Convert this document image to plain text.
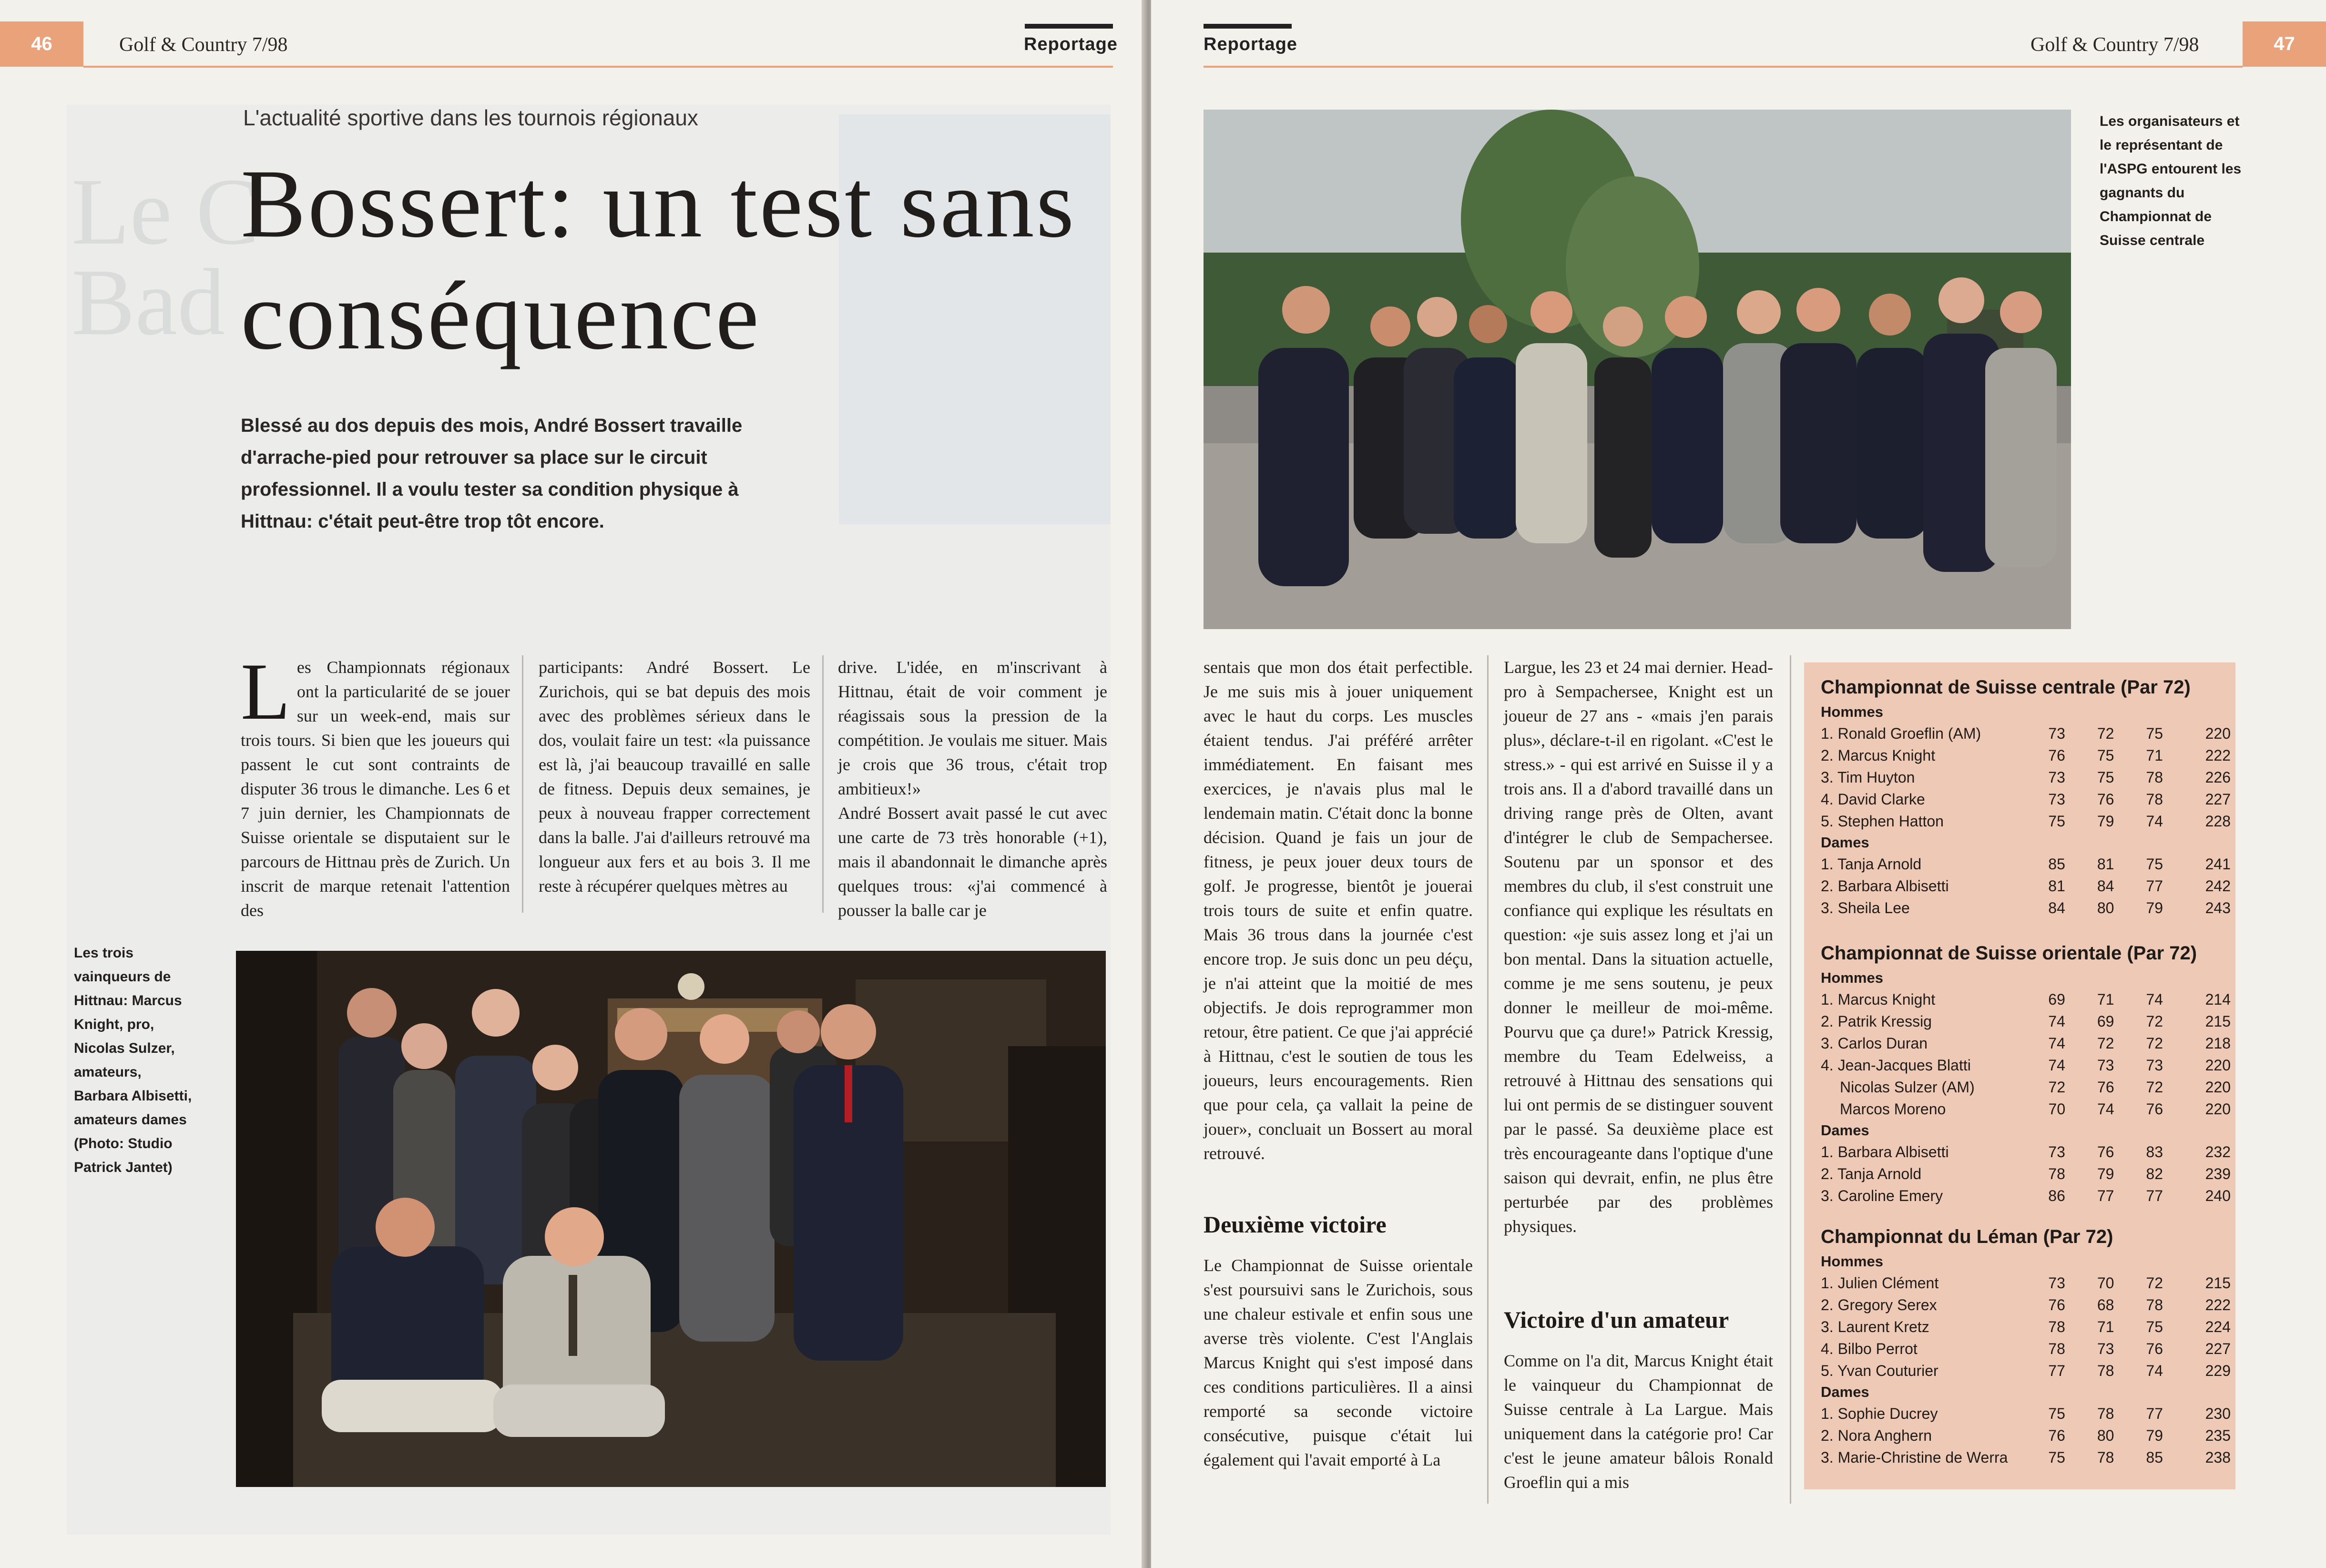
Le C
Bad
46	Golf & Country 7/98	Reportage
L'actualité sportive dans les tournois régionaux
Bossert: un test sans conséquence
Blessé au dos depuis des mois, André Bossert travaille d'arrache-pied pour retrouver sa place sur le circuit professionnel. Il a voulu tester sa condition physique à Hittnau: c'était peut-être trop tôt encore.
Les Championnats régionaux ont la particularité de se jouer sur un week-end, mais sur trois tours. Si bien que les joueurs qui passent le cut sont contraints de disputer 36 trous le dimanche. Les 6 et 7 juin dernier, les Championnats de Suisse orientale se disputaient sur le parcours de Hittnau près de Zurich. Un inscrit de marque retenait l'attention des
participants: André Bossert. Le Zurichois, qui se bat depuis des mois avec des problèmes sérieux dans le dos, voulait faire un test: «la puissance est là, j'ai beaucoup travaillé en salle de fitness. Depuis deux semaines, je peux à nouveau frapper correctement dans la balle. J'ai d'ailleurs retrouvé ma longueur aux fers et au bois 3. Il me reste à récupérer quelques mètres au

drive. L'idée, en m'inscrivant à Hittnau, était de voir comment je réagissais sous la pression de la compétition. Je voulais me situer. Mais je crois que 36 trous, c'était trop ambitieux!»

André Bossert avait passé le cut avec une carte de 73 très honorable (+1), mais il abandonnait le dimanche après quelques trous: «j'ai commencé à pousser la balle car je

Les trois vainqueurs de Hittnau: Marcus Knight, pro, Nicolas Sulzer, amateurs, Barbara Albisetti, amateurs dames (Photo: Studio Patrick Jantet)
47
Reportage	Golf & Country 7/98
Les organisateurs et le représentant de l'ASPG entourent les gagnants du Championnat de Suisse centrale

sentais que mon dos était perfectible. Je me suis mis à jouer uniquement avec le haut du corps. Les muscles étaient tendus. J'ai préféré arrêter immédiatement. En faisant mes exercices, je n'avais plus mal le lendemain matin. C'était donc la bonne décision. Quand je fais un jour de fitness, je peux jouer deux tours de golf. Je progresse, bientôt je jouerai trois tours de suite et enfin quatre. Mais 36 trous dans la journée c'est encore trop. Je suis donc un peu déçu, je n'ai atteint que la moitié de mes objectifs. Je dois reprogrammer mon retour, être patient. Ce que j'ai apprécié à Hittnau, c'est le soutien de tous les joueurs, leurs encouragements. Rien que pour cela, ça vallait la peine de jouer», concluait un Bossert au moral retrouvé.

Deuxième victoire
Le Championnat de Suisse orientale s'est poursuivi sans le Zurichois, sous une chaleur estivale et enfin sous une averse très violente. C'est l'Anglais Marcus Knight qui s'est imposé dans ces conditions particulières. Il a ainsi remporté sa seconde victoire consécutive, puisque c'était lui également qui l'avait emporté à La
Largue, les 23 et 24 mai dernier. Head-pro à Sempachersee, Knight est un joueur de 27 ans - «mais j'en parais plus», déclare-t-il en rigolant. «C'est le stress.» - qui est arrivé en Suisse il y a trois ans. Il a d'abord travaillé dans un driving range près de Olten, avant d'intégrer le club de Sempachersee. Soutenu par un sponsor et des membres du club, il s'est construit une confiance qui explique les résultats en question: «je suis assez long et j'ai un bon mental. Dans la situation actuelle, comme je me sens soutenu, je peux donner le meilleur de moi-même. Pourvu que ça dure!» Patrick Kressig, membre du Team Edelweiss, a retrouvé à Hittnau des sensations qui lui ont permis de se distinguer souvent par le passé. Sa deuxième place est très encourageante dans l'optique d'une saison qui devrait, enfin, ne plus être perturbée par des problèmes physiques.
Victoire d'un amateur
Comme on l'a dit, Marcus Knight était le vainqueur du Championnat de Suisse centrale à La Largue. Mais uniquement dans la catégorie pro! Car c'est le jeune amateur bâlois Ronald Groeflin qui a mis
Championnat de Suisse centrale (Par 72)
Hommes
1. Ronald Groeflin (AM)	73	72	75	220
2. Marcus Knight	76	75	71	222
3. Tim Huyton	73	75	78	226
4. David Clarke	73	76	78	227
5. Stephen Hatton	75	79	74	228
Dames
1. Tanja Arnold	85	81	75	241
2. Barbara Albisetti	81	84	77	242
3. Sheila Lee	84	80	79	243
Championnat de Suisse orientale (Par 72)
Hommes
1. Marcus Knight	69	71	74	214
2. Patrik Kressig	74	69	72	215
3. Carlos Duran	74	72	72	218
4. Jean-Jacques Blatti	74	73	73	220
Nicolas Sulzer (AM)	72	76	72	220
Marcos Moreno	70	74	76	220
Dames
1. Barbara Albisetti	73	76	83	232
2. Tanja Arnold	78	79	82	239
3. Caroline Emery	86	77	77	240
Championnat du Léman (Par 72)
Hommes
1. Julien Clément	73	70	72	215
2. Gregory Serex	76	68	78	222
3. Laurent Kretz	78	71	75	224
4. Bilbo Perrot	78	73	76	227
5. Yvan Couturier	77	78	74	229
Dames
1. Sophie Ducrey	75	78	77	230
2. Nora Anghern	76	80	79	235
3. Marie-Christine de Werra	75	78	85	238
